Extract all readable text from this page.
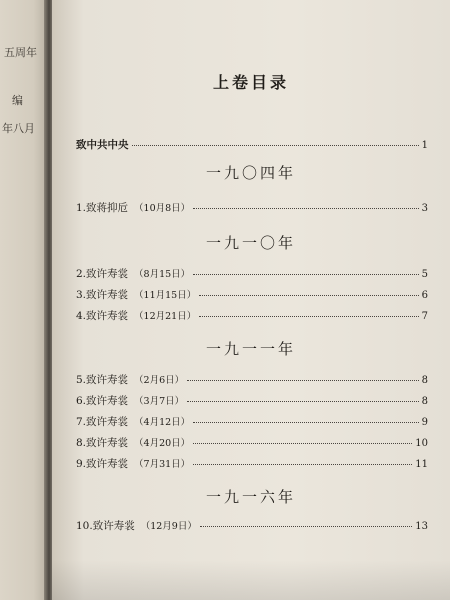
五周年
编
年八月
上卷目录
致中共中央	1
一九〇四年
1. 致蒋抑卮 （10月8日）	3
一九一〇年
2. 致许寿裳 （8月15日）	5
3. 致许寿裳 （11月15日）	6
4. 致许寿裳 （12月21日）	7
一九一一年
5. 致许寿裳 （2月6日）	8
6. 致许寿裳 （3月7日）	8
7. 致许寿裳 （4月12日）	9
8. 致许寿裳 （4月20日）	10
9. 致许寿裳 （7月31日）	11
一九一六年
10. 致许寿裳 （12月9日）	13
